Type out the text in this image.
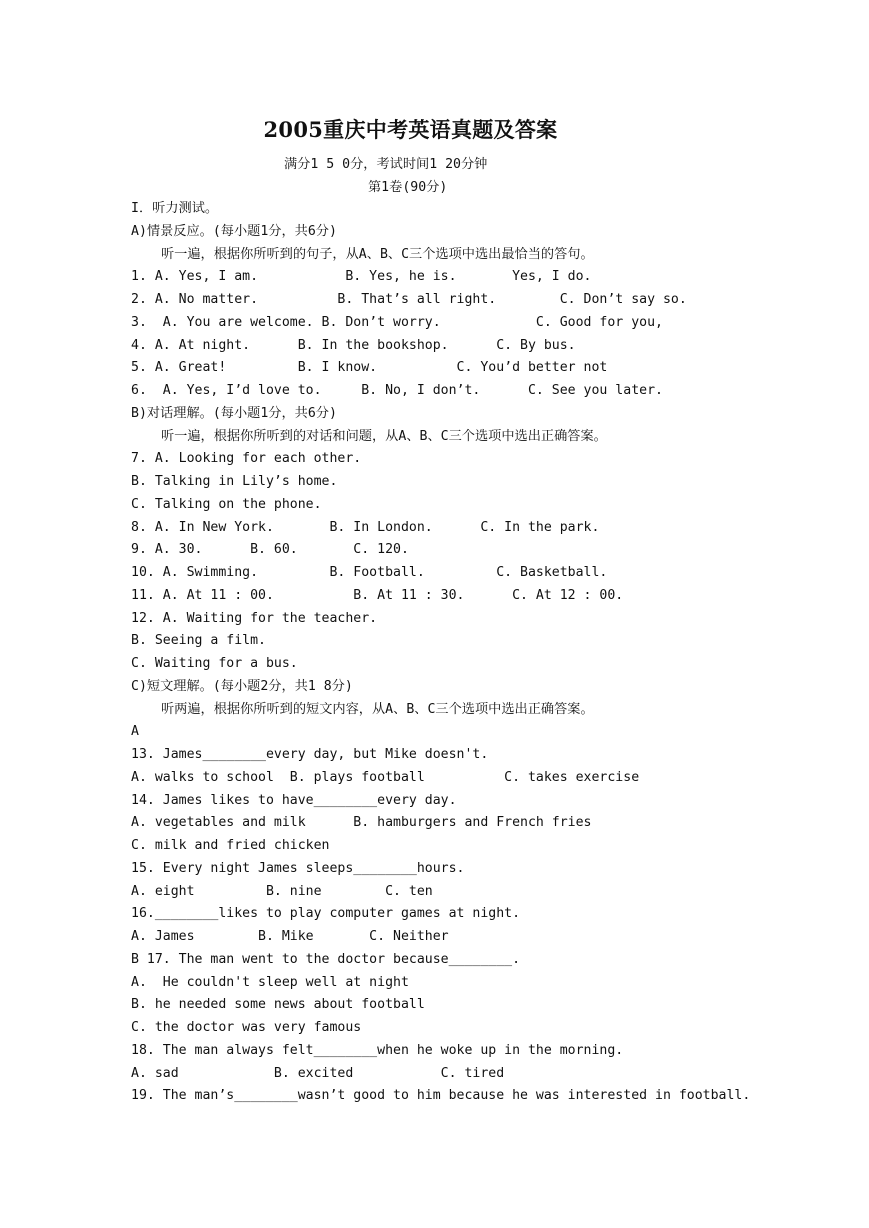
2005重庆中考英语真题及答案
满分1 5 0分，考试时间1 20分钟
第1卷(90分)
I．听力测试。
A)情景反应。(每小题1分，共6分)
听一遍，根据你所听到的句子，从A、B、C三个选项中选出最恰当的答句。
1. A. Yes, I am.           B. Yes, he is.       Yes, I do.
2. A. No matter.          B. That’s all right.        C. Don’t say so.
3.  A. You are welcome. B. Don’t worry.            C. Good for you,
4. A. At night.      B. In the bookshop.      C. By bus.
5. A. Great!         B. I know.          C. You’d better not
6.  A. Yes, I’d love to.     B. No, I don’t.      C. See you later.
B)对话理解。(每小题1分，共6分)
听一遍，根据你所听到的对话和问题，从A、B、C三个选项中选出正确答案。
7. A. Looking for each other.
B. Talking in Lily’s home.
C. Talking on the phone.
8. A. In New York.       B. In London.      C. In the park.
9. A. 30.      B. 60.       C. 120.
10. A. Swimming.         B. Football.         C. Basketball.
11. A. At 11 : 00.          B. At 11 : 30.      C. At 12 : 00.
12. A. Waiting for the teacher.
B. Seeing a film.
C. Waiting for a bus.
C)短文理解。(每小题2分，共1 8分)
听两遍，根据你所听到的短文内容，从A、B、C三个选项中选出正确答案。
A
13. James________every day, but Mike doesn't.
A. walks to school  B. plays football          C. takes exercise
14. James likes to have________every day.
A. vegetables and milk      B. hamburgers and French fries
C. milk and fried chicken
15. Every night James sleeps________hours.
A. eight         B. nine        C. ten
16.________likes to play computer games at night.
A. James        B. Mike       C. Neither
B 17. The man went to the doctor because________.
A.  He couldn't sleep well at night
B. he needed some news about football
C. the doctor was very famous
18. The man always felt________when he woke up in the morning.
A. sad            B. excited           C. tired
19. The man’s________wasn’t good to him because he was interested in football.
